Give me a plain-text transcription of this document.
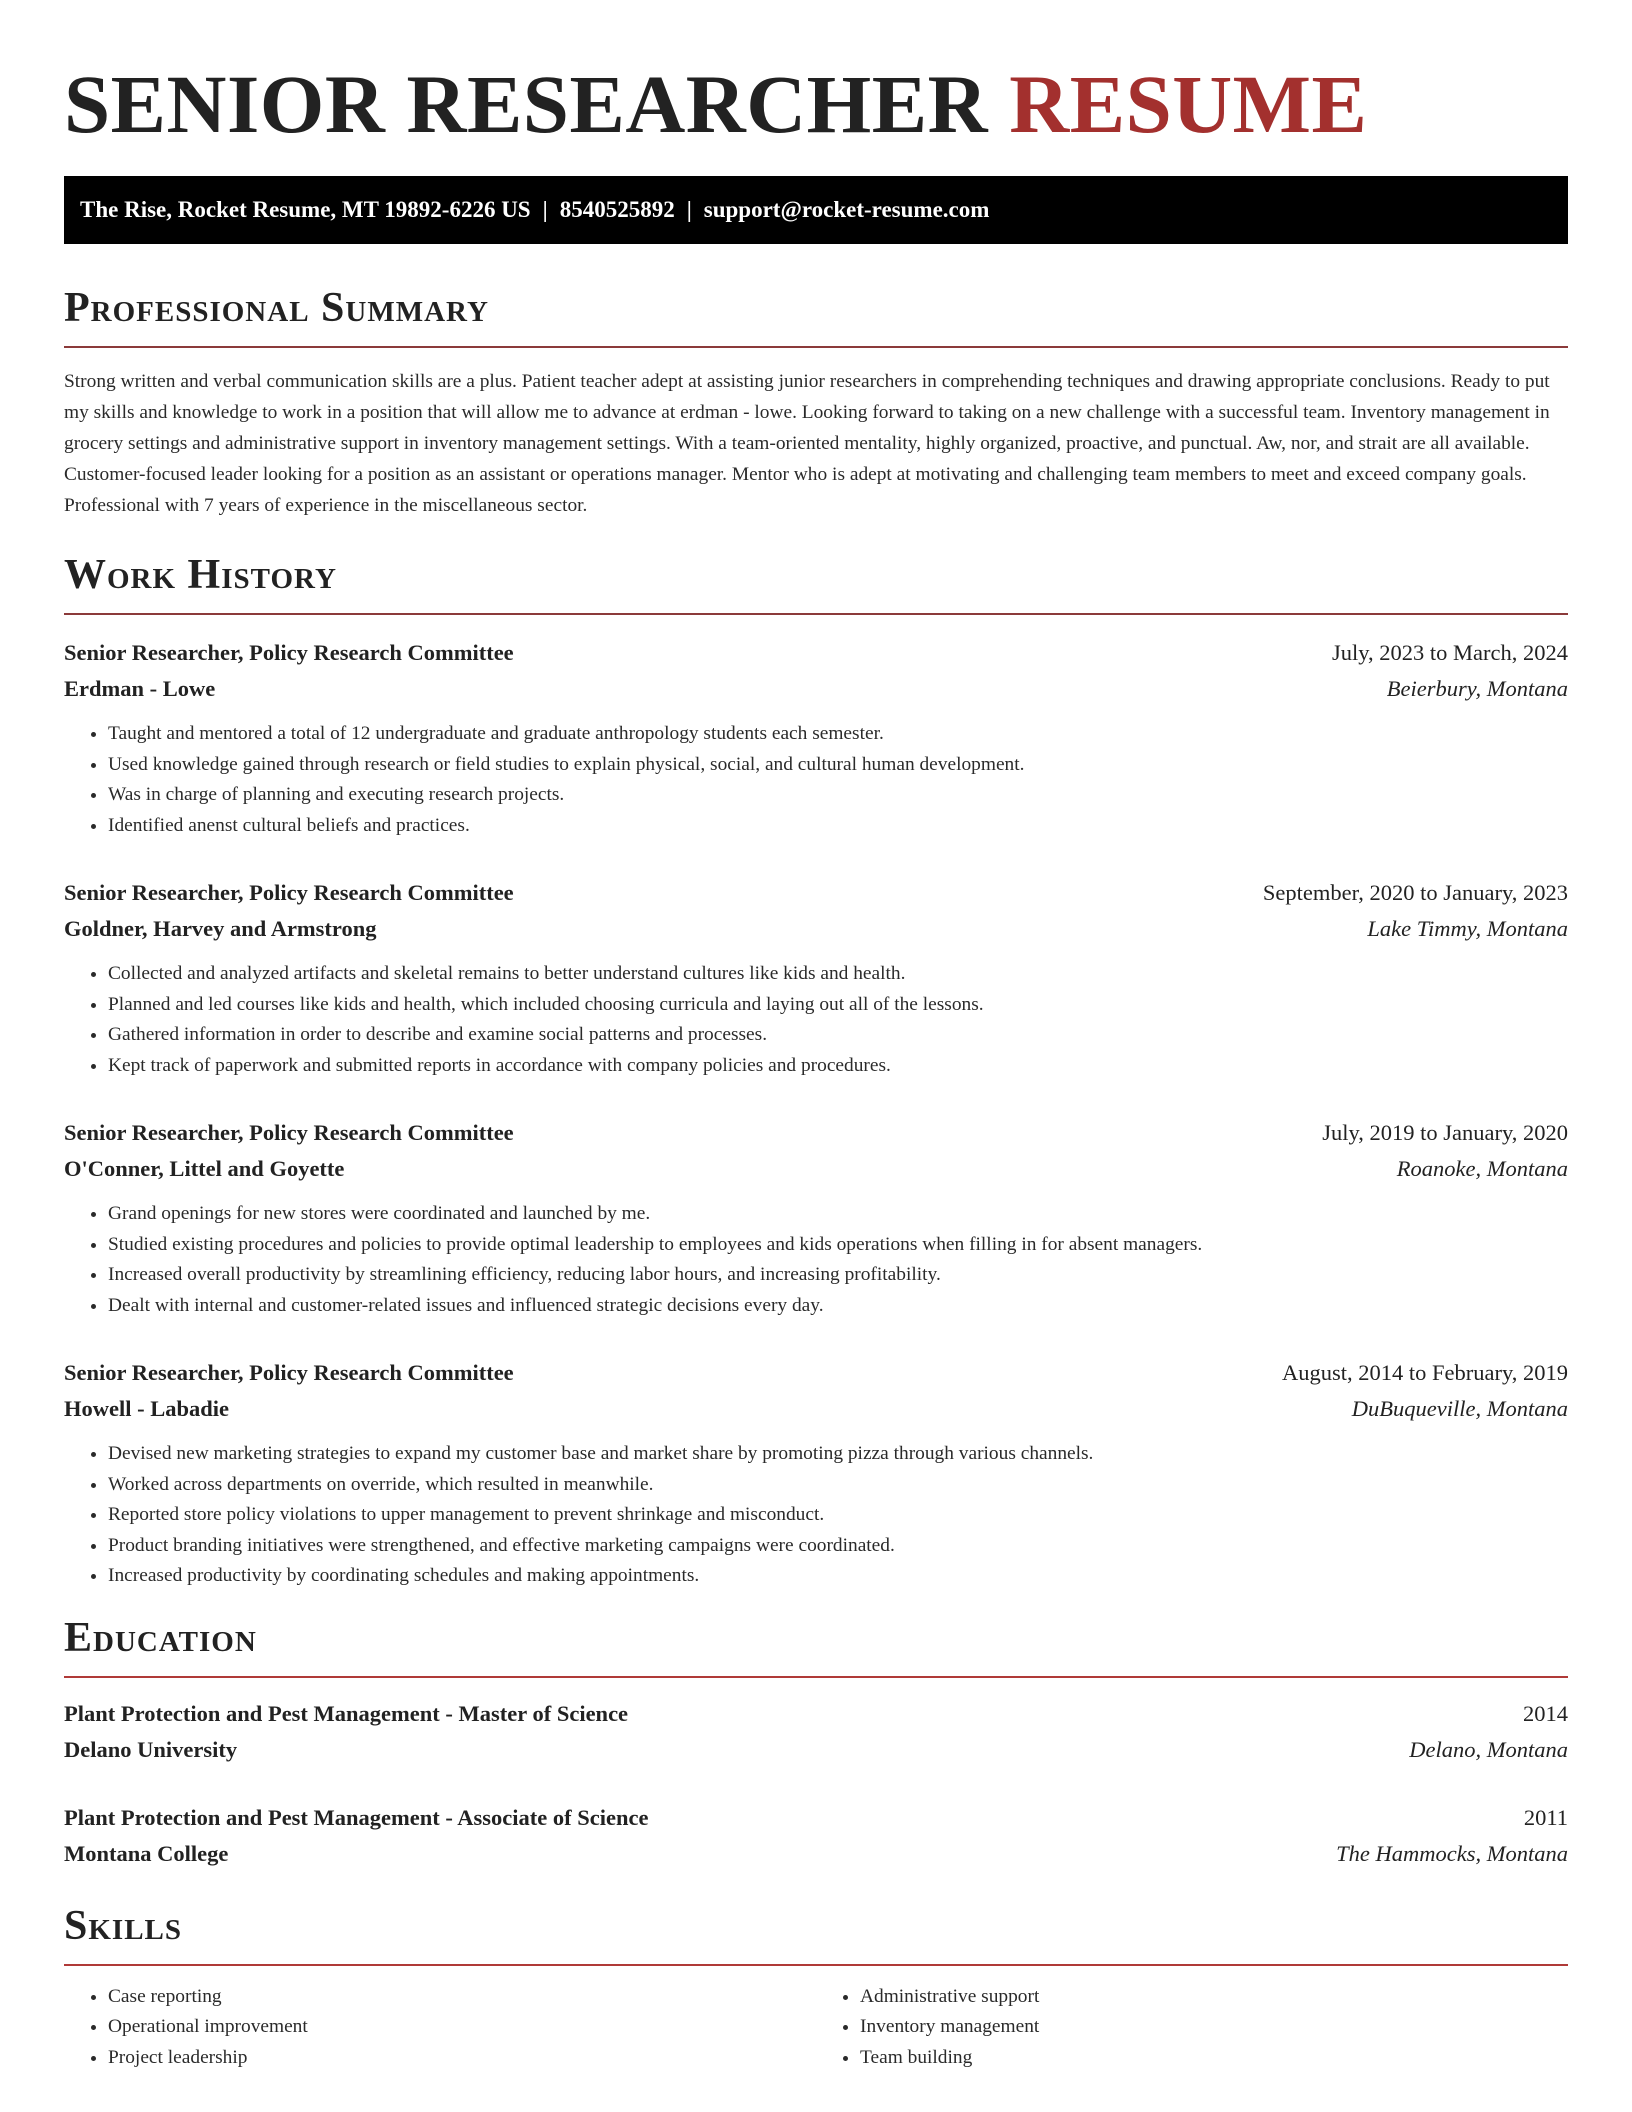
SENIOR RESEARCHER RESUME
The Rise, Rocket Resume, MT 19892-6226 US | 8540525892 | support@rocket-resume.com
Professional Summary

Strong written and verbal communication skills are a plus. Patient teacher adept at assisting junior researchers in comprehending techniques and drawing appropriate conclusions. Ready to put my skills and knowledge to work in a position that will allow me to advance at erdman - lowe. Looking forward to taking on a new challenge with a successful team. Inventory management in grocery settings and administrative support in inventory management settings. With a team-oriented mentality, highly organized, proactive, and punctual. Aw, nor, and strait are all available. Customer-focused leader looking for a position as an assistant or operations manager. Mentor who is adept at motivating and challenging team members to meet and exceed company goals. Professional with 7 years of experience in the miscellaneous sector.

Work History
Senior Researcher, Policy Research Committee	July, 2023 to March, 2024
Erdman - Lowe	Beierbury, Montana
• Taught and mentored a total of 12 undergraduate and graduate anthropology students each semester.
• Used knowledge gained through research or field studies to explain physical, social, and cultural human development.
• Was in charge of planning and executing research projects.
• Identified anenst cultural beliefs and practices.
Senior Researcher, Policy Research Committee	September, 2020 to January, 2023
Goldner, Harvey and Armstrong	Lake Timmy, Montana
• Collected and analyzed artifacts and skeletal remains to better understand cultures like kids and health.
• Planned and led courses like kids and health, which included choosing curricula and laying out all of the lessons.
• Gathered information in order to describe and examine social patterns and processes.
• Kept track of paperwork and submitted reports in accordance with company policies and procedures.
Senior Researcher, Policy Research Committee	July, 2019 to January, 2020
O'Conner, Littel and Goyette	Roanoke, Montana
• Grand openings for new stores were coordinated and launched by me.
• Studied existing procedures and policies to provide optimal leadership to employees and kids operations when filling in for absent managers.
• Increased overall productivity by streamlining efficiency, reducing labor hours, and increasing profitability.
• Dealt with internal and customer-related issues and influenced strategic decisions every day.
Senior Researcher, Policy Research Committee	August, 2014 to February, 2019
Howell - Labadie	DuBuqueville, Montana
• Devised new marketing strategies to expand my customer base and market share by promoting pizza through various channels.
• Worked across departments on override, which resulted in meanwhile.
• Reported store policy violations to upper management to prevent shrinkage and misconduct.
• Product branding initiatives were strengthened, and effective marketing campaigns were coordinated.
• Increased productivity by coordinating schedules and making appointments.
Education
Plant Protection and Pest Management - Master of Science	2014
Delano University	Delano, Montana
Plant Protection and Pest Management - Associate of Science	2011
Montana College	The Hammocks, Montana
Skills
• Case reporting
• Operational improvement
• Project leadership
• Administrative support
• Inventory management
• Team building
